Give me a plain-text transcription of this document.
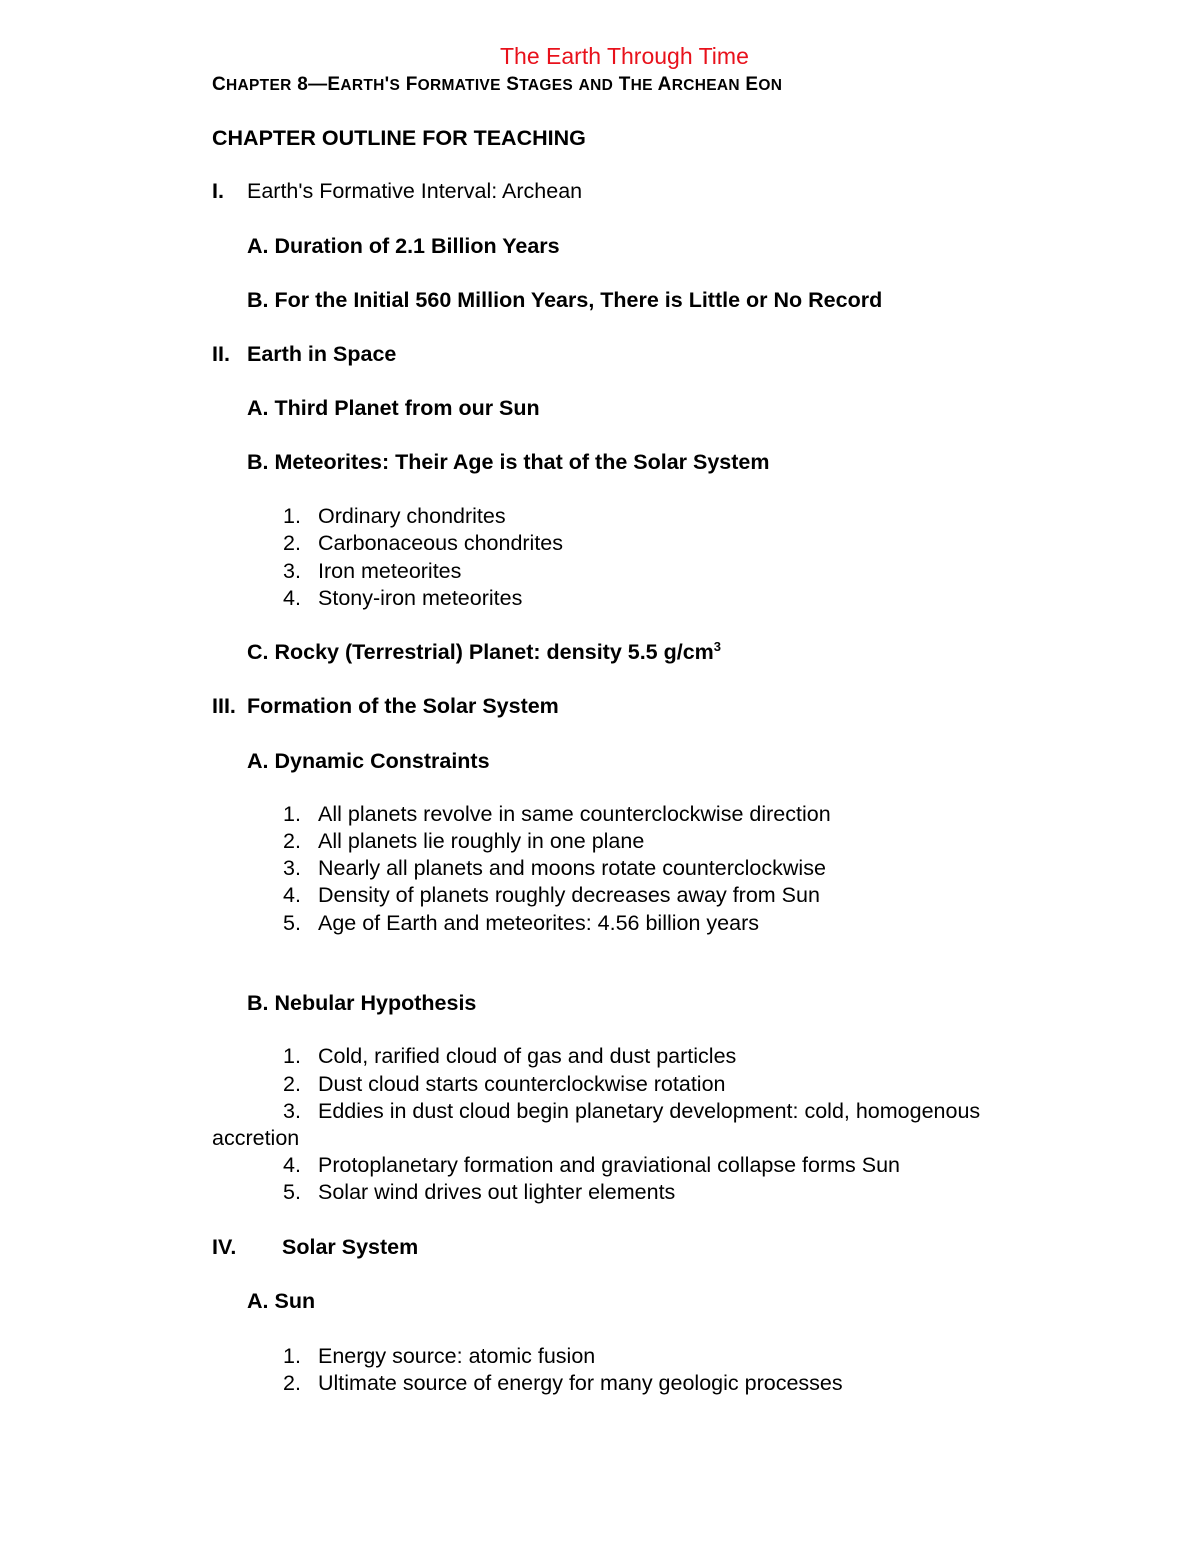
The Earth Through Time
CHAPTER 8—EARTH'S FORMATIVE STAGES AND THE ARCHEAN EON
CHAPTER OUTLINE FOR TEACHING
I. Earth's Formative Interval: Archean
A. Duration of 2.1 Billion Years
B. For the Initial 560 Million Years, There is Little or No Record
II. Earth in Space
A. Third Planet from our Sun
B. Meteorites: Their Age is that of the Solar System
1. Ordinary chondrites
2. Carbonaceous chondrites
3. Iron meteorites
4. Stony-iron meteorites
C. Rocky (Terrestrial) Planet: density 5.5 $g/cm^3$
III. Formation of the Solar System
A. Dynamic Constraints
1. All planets revolve in same counterclockwise direction
2. All planets lie roughly in one plane
3. Nearly all planets and moons rotate counterclockwise
4. Density of planets roughly decreases away from Sun
5. Age of Earth and meteorites: 4.56 billion years
B. Nebular Hypothesis
1. Cold, rarified cloud of gas and dust particles
2. Dust cloud starts counterclockwise rotation
3. Eddies in dust cloud begin planetary development: cold, homogenous
accretion
4. Protoplanetary formation and graviational collapse forms Sun
5. Solar wind drives out lighter elements
IV. Solar System
A. Sun
1. Energy source: atomic fusion
2. Ultimate source of energy for many geologic processes
